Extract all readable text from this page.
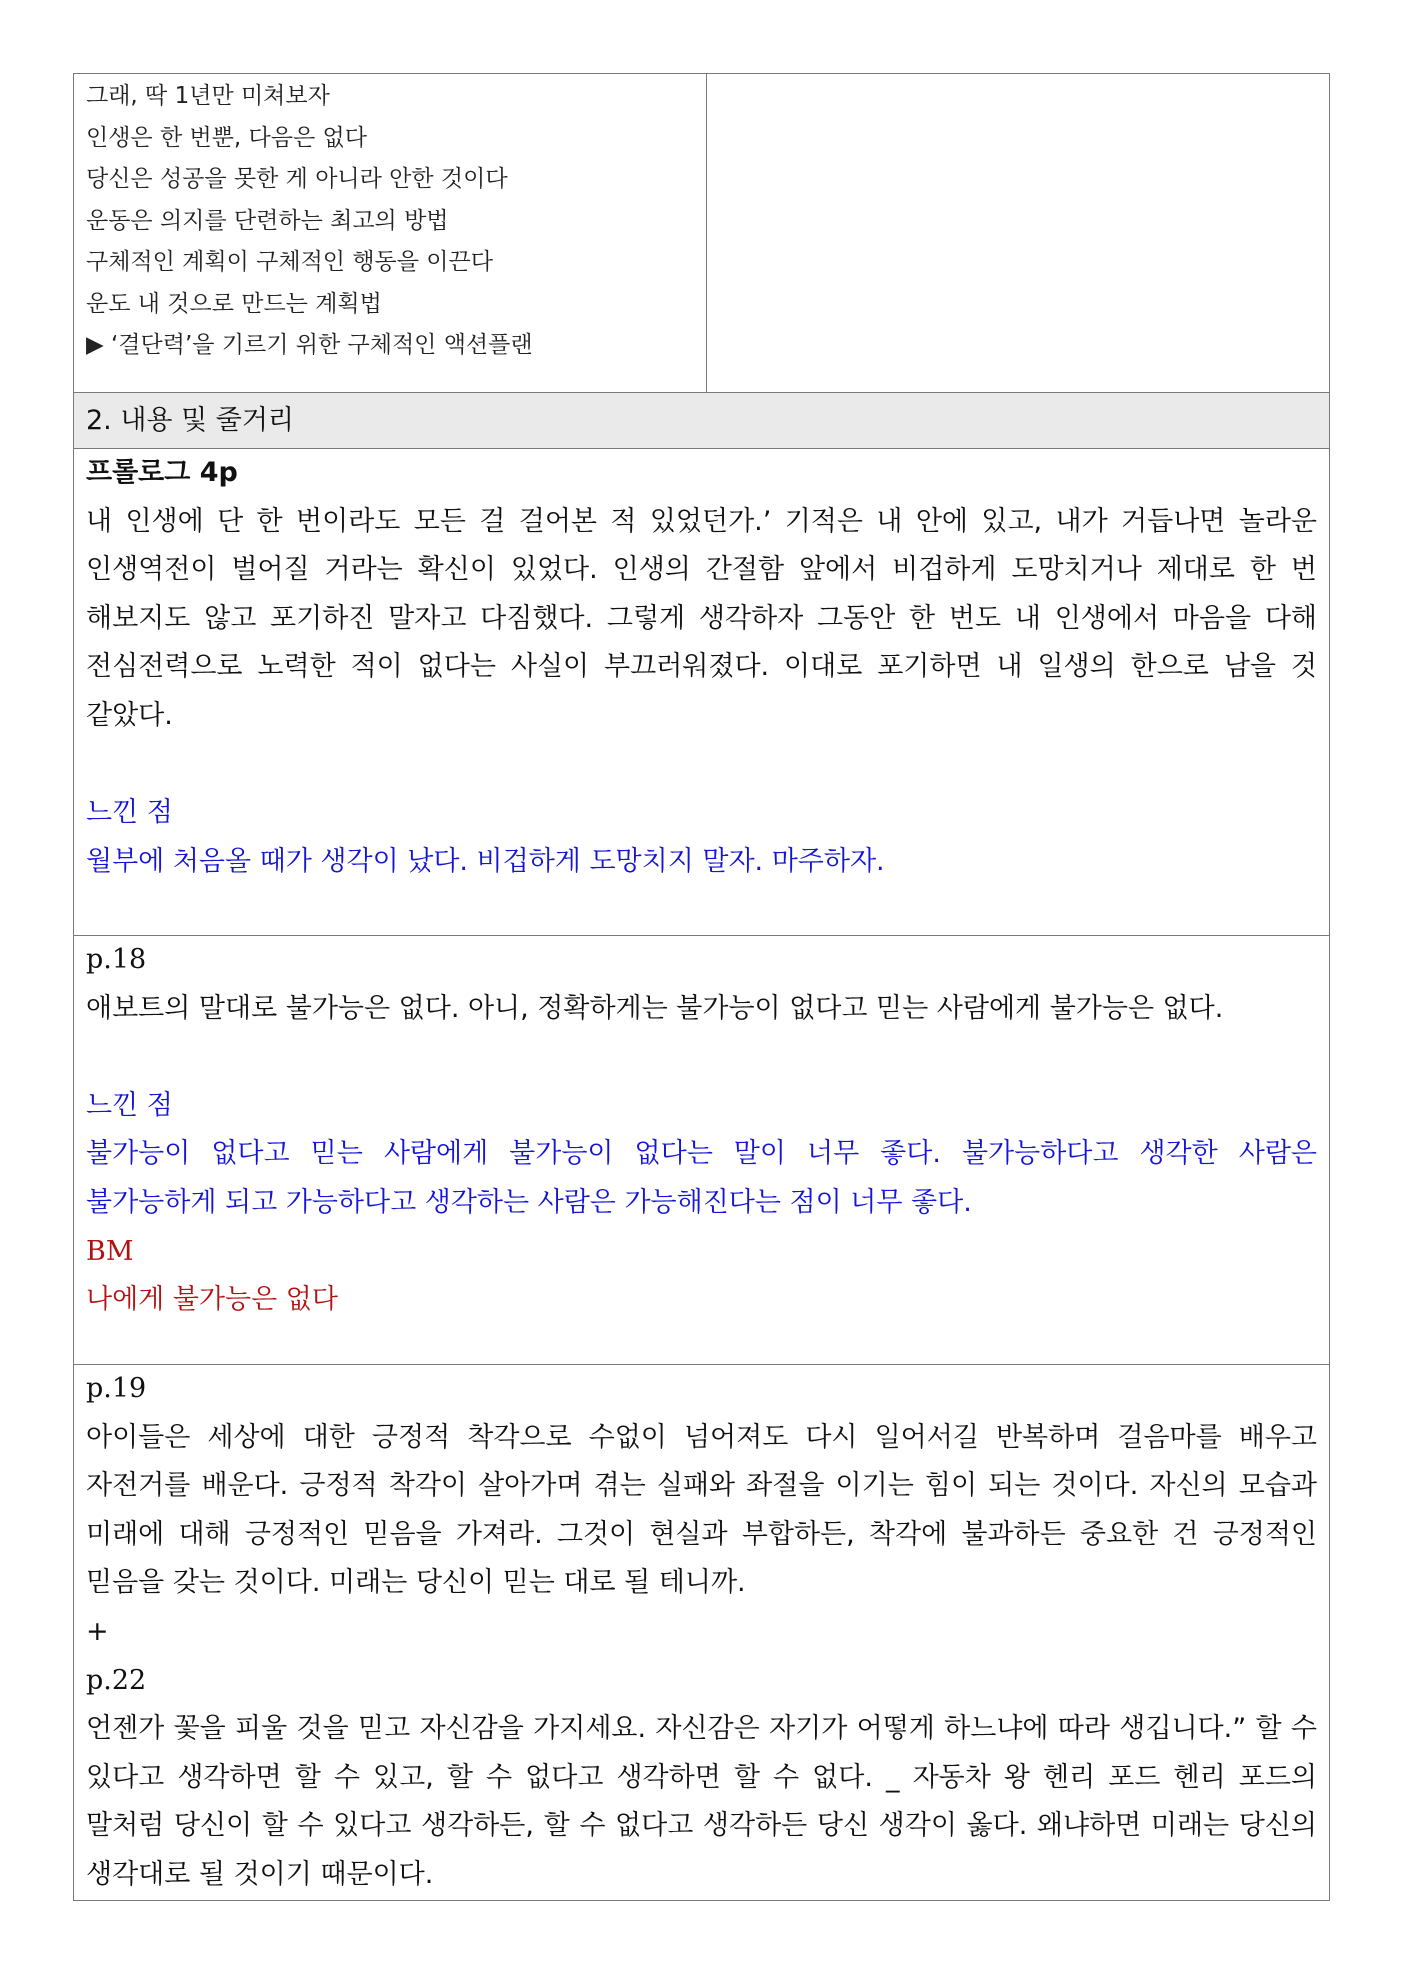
그래, 딱 1년만 미쳐보자
인생은 한 번뿐, 다음은 없다
당신은 성공을 못한 게 아니라 안한 것이다
운동은 의지를 단련하는 최고의 방법
구체적인 계획이 구체적인 행동을 이끈다
운도 내 것으로 만드는 계획법
▶ ‘결단력’을 기르기 위한 구체적인 액션플랜

2. 내용 및 줄거리

프롤로그 4p

내 인생에 단 한 번이라도 모든 걸 걸어본 적 있었던가.’ 기적은 내 안에 있고, 내가 거듭나면 놀라운 인생역전이 벌어질 거라는 확신이 있었다. 인생의 간절함 앞에서 비겁하게 도망치거나 제대로 한 번 해보지도 않고 포기하진 말자고 다짐했다. 그렇게 생각하자 그동안 한 번도 내 인생에서 마음을 다해 전심전력으로 노력한 적이 없다는 사실이 부끄러워졌다. 이대로 포기하면 내 일생의 한으로 남을 것 같았다.

느낀 점

월부에 처음올 때가 생각이 났다. 비겁하게 도망치지 말자. 마주하자.

p.18

애보트의 말대로 불가능은 없다. 아니, 정확하게는 불가능이 없다고 믿는 사람에게 불가능은 없다.

느낀 점

불가능이 없다고 믿는 사람에게 불가능이 없다는 말이 너무 좋다. 불가능하다고 생각한 사람은 불가능하게 되고 가능하다고 생각하는 사람은 가능해진다는 점이 너무 좋다.

BM

나에게 불가능은 없다

p.19

아이들은 세상에 대한 긍정적 착각으로 수없이 넘어져도 다시 일어서길 반복하며 걸음마를 배우고 자전거를 배운다. 긍정적 착각이 살아가며 겪는 실패와 좌절을 이기는 힘이 되는 것이다. 자신의 모습과 미래에 대해 긍정적인 믿음을 가져라. 그것이 현실과 부합하든, 착각에 불과하든 중요한 건 긍정적인 믿음을 갖는 것이다. 미래는 당신이 믿는 대로 될 테니까.

+

p.22

언젠가 꽃을 피울 것을 믿고 자신감을 가지세요. 자신감은 자기가 어떻게 하느냐에 따라 생깁니다.” 할 수 있다고 생각하면 할 수 있고, 할 수 없다고 생각하면 할 수 없다. _ 자동차 왕 헨리 포드 헨리 포드의 말처럼 당신이 할 수 있다고 생각하든, 할 수 없다고 생각하든 당신 생각이 옳다. 왜냐하면 미래는 당신의 생각대로 될 것이기 때문이다.
